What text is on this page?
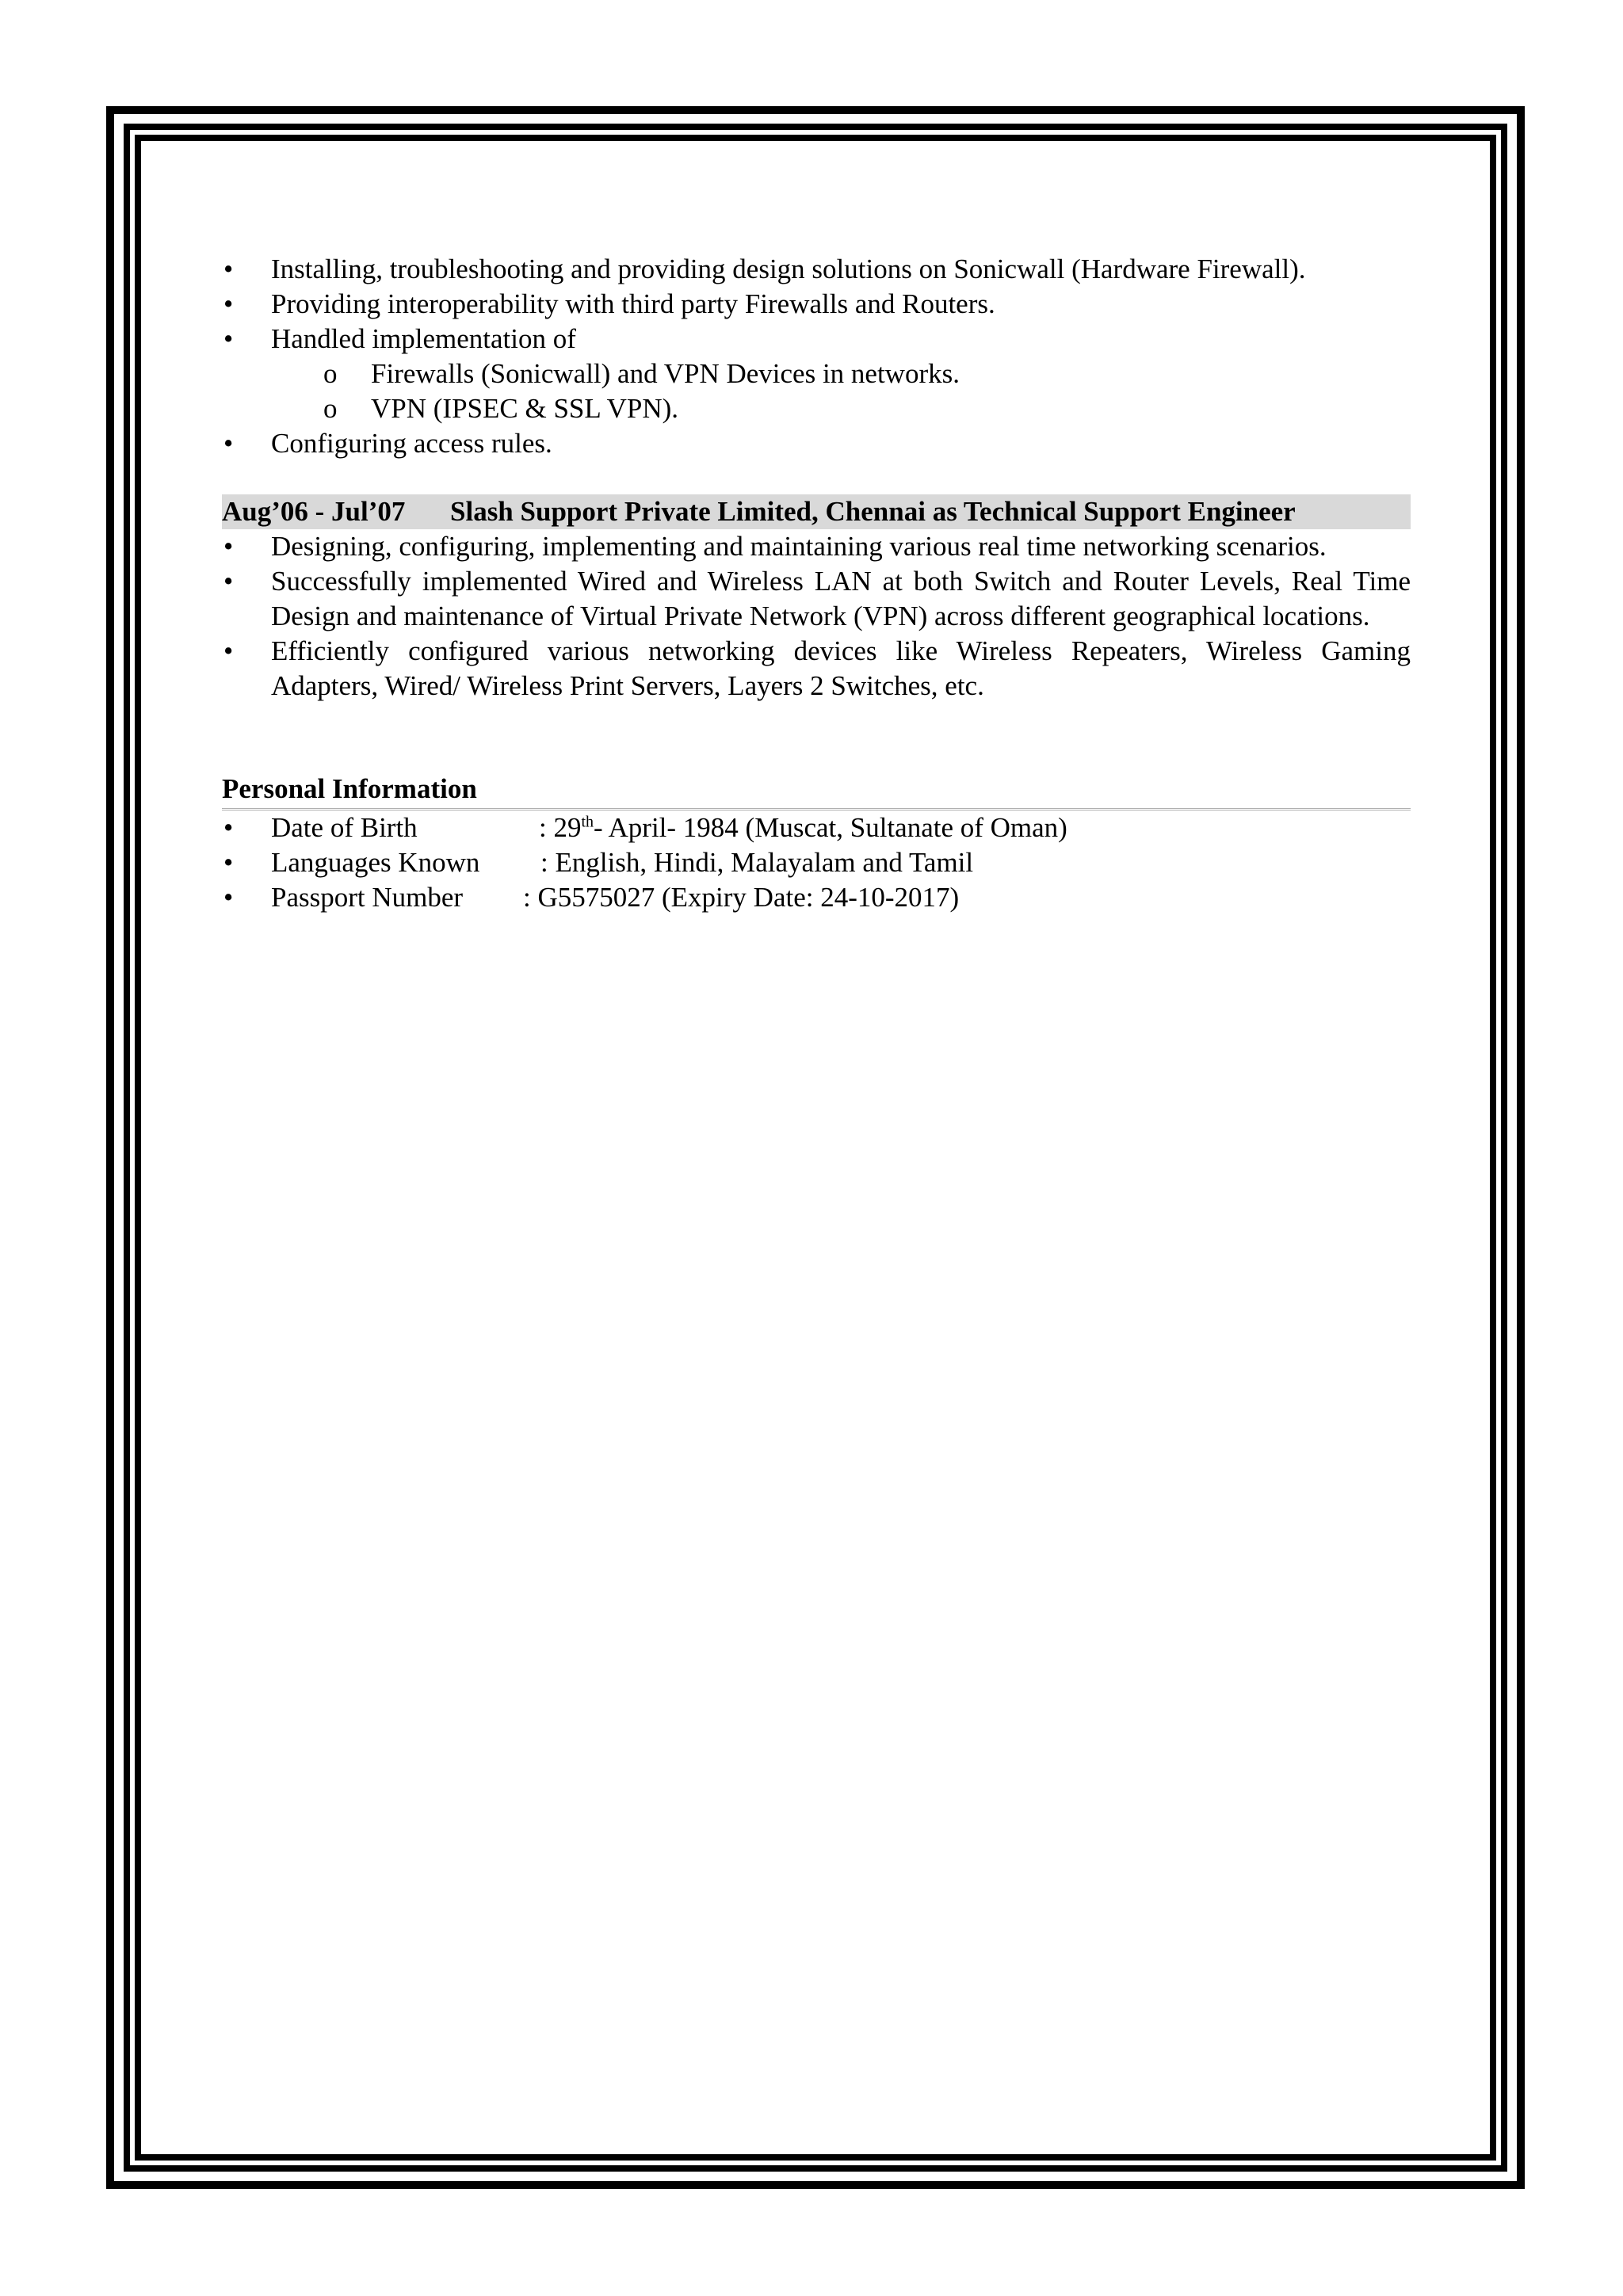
• Installing, troubleshooting and providing design solutions on Sonicwall (Hardware Firewall).
• Providing interoperability with third party Firewalls and Routers.
• Handled implementation of
o	Firewalls (Sonicwall) and VPN Devices in networks.
o	VPN (IPSEC & SSL VPN).
• Configuring access rules.
Aug’06 - Jul’07 Slash Support Private Limited, Chennai as Technical Support Engineer
• Designing, configuring, implementing and maintaining various real time networking scenarios.
• Successfully implemented Wired and Wireless LAN at both Switch and Router Levels, Real Time Design and maintenance of Virtual Private Network (VPN) across different geographical locations.
• Efficiently configured various networking devices like Wireless Repeaters, Wireless Gaming Adapters, Wired/ Wireless Print Servers, Layers 2 Switches, etc.
Personal Information
• Date of Birth	: 29th- April- 1984 (Muscat, Sultanate of Oman)
• Languages Known : English, Hindi, Malayalam and Tamil
• Passport Number : G5575027 (Expiry Date: 24-10-2017)
